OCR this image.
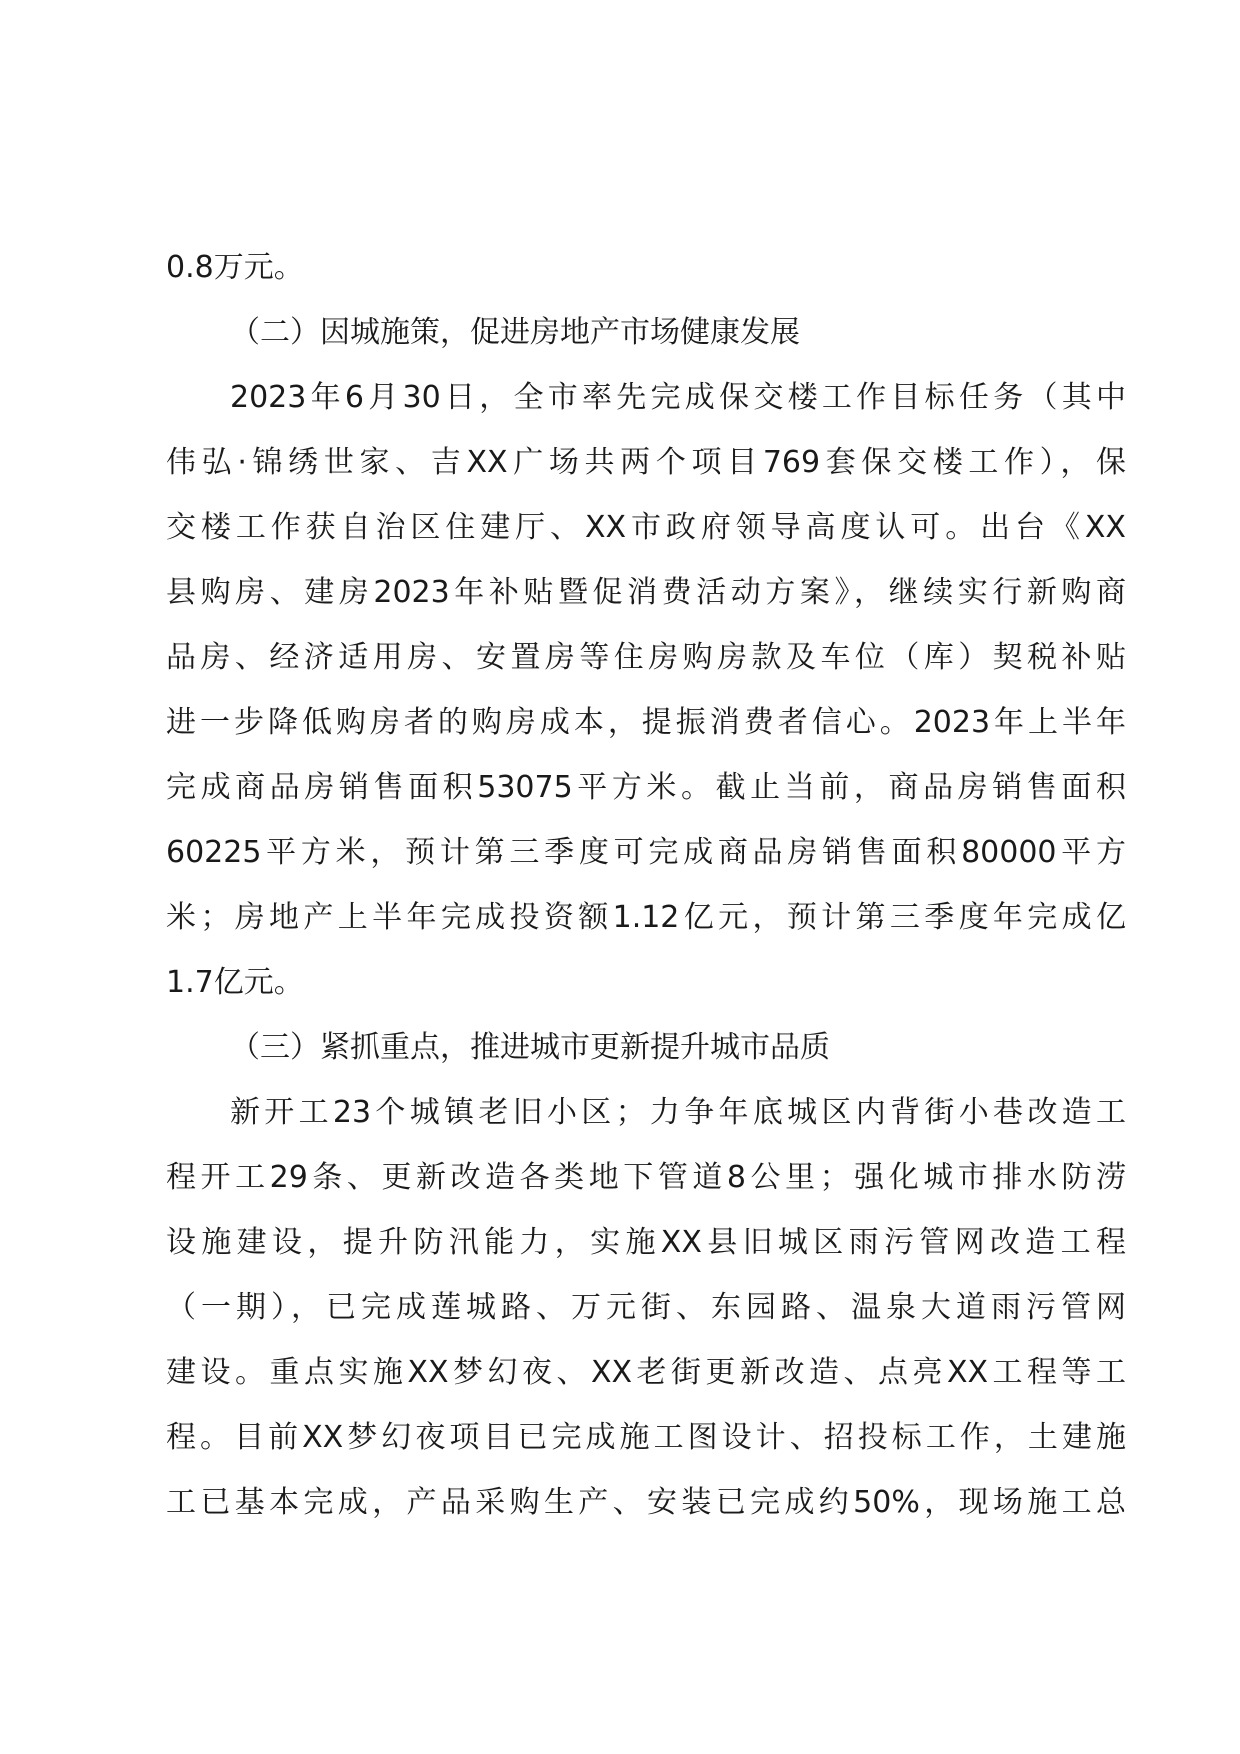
0.8万元。
（二）因城施策，促进房地产市场健康发展
2023年6月30日，全市率先完成保交楼工作目标任务（其中
伟弘·锦绣世家、吉XX广场共两个项目769套保交楼工作），保
交楼工作获自治区住建厅、XX市政府领导高度认可。出台《XX
县购房、建房2023年补贴暨促消费活动方案》，继续实行新购商
品房、经济适用房、安置房等住房购房款及车位（库）契税补贴
进一步降低购房者的购房成本，提振消费者信心。2023年上半年
完成商品房销售面积53075平方米。截止当前，商品房销售面积
60225平方米，预计第三季度可完成商品房销售面积80000平方
米；房地产上半年完成投资额1.12亿元，预计第三季度年完成亿
1.7亿元。
（三）紧抓重点，推进城市更新提升城市品质
新开工23个城镇老旧小区；力争年底城区内背街小巷改造工
程开工29条、更新改造各类地下管道8公里；强化城市排水防涝
设施建设，提升防汛能力，实施XX县旧城区雨污管网改造工程
（一期），已完成莲城路、万元街、东园路、温泉大道雨污管网
建设。重点实施XX梦幻夜、XX老街更新改造、点亮XX工程等工
程。目前XX梦幻夜项目已完成施工图设计、招投标工作，土建施
工已基本完成，产品采购生产、安装已完成约50%，现场施工总
